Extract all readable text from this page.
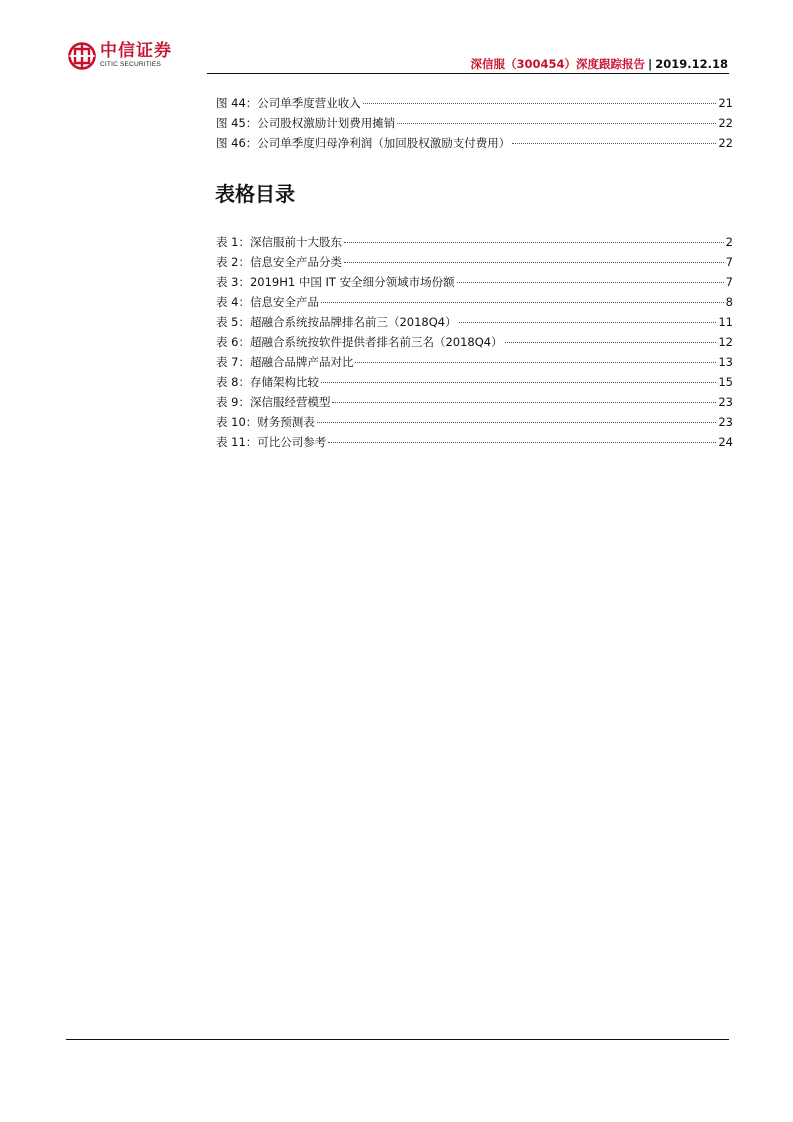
中信证券
CITIC SECURITIES	深信服（300454）深度跟踪报告 | 2019.12.18
图 44：公司单季度营业收入	21
图 45：公司股权激励计划费用摊销	22
图 46：公司单季度归母净利润（加回股权激励支付费用）	22
表格目录
表 1：深信服前十大股东	2
表 2：信息安全产品分类	7
表 3：2019H1 中国 IT 安全细分领域市场份额	7
表 4：信息安全产品	8
表 5：超融合系统按品牌排名前三（2018Q4）	11
表 6：超融合系统按软件提供者排名前三名（2018Q4）	12
表 7：超融合品牌产品对比	13
表 8：存储架构比较	15
表 9：深信服经营模型	23
表 10：财务预测表	23
表 11：可比公司参考	24
